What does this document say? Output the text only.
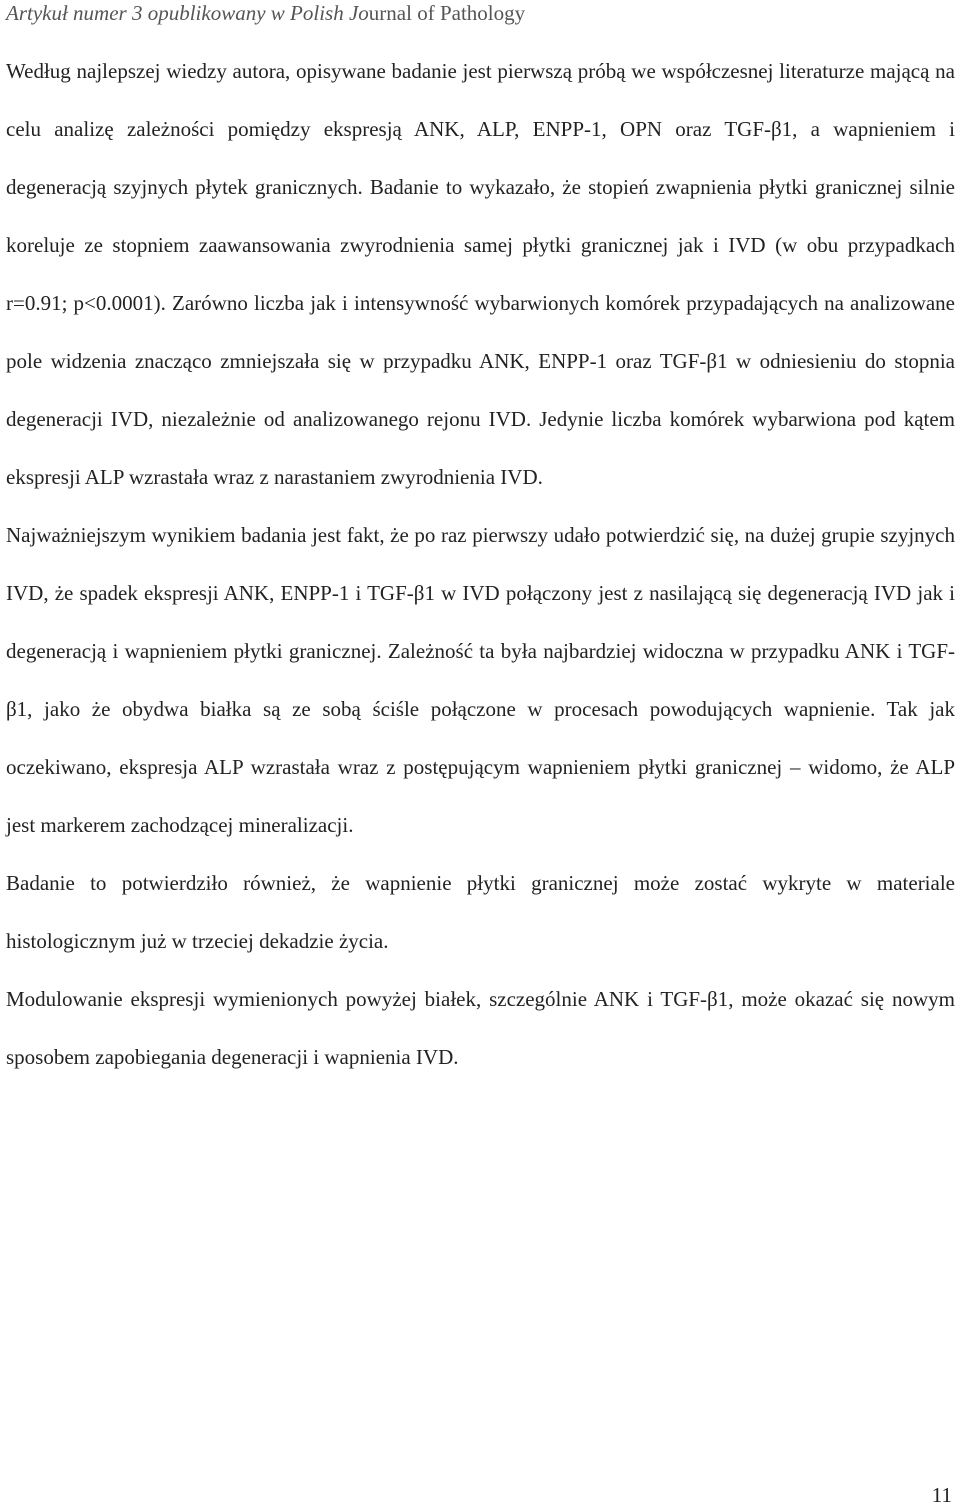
Artykuł numer 3 opublikowany w Polish Journal of Pathology

Według najlepszej wiedzy autora, opisywane badanie jest pierwszą próbą we współczesnej literaturze mającą na celu analizę zależności pomiędzy ekspresją ANK, ALP, ENPP-1, OPN oraz TGF-β1, a wapnieniem i degeneracją szyjnych płytek granicznych. Badanie to wykazało, że stopień zwapnienia płytki granicznej silnie koreluje ze stopniem zaawansowania zwyrodnienia samej płytki granicznej jak i IVD (w obu przypadkach r=0.91; p<0.0001). Zarówno liczba jak i intensywność wybarwionych komórek przypadających na analizowane pole widzenia znacząco zmniejszała się w przypadku ANK, ENPP-1 oraz TGF-β1 w odniesieniu do stopnia degeneracji IVD, niezależnie od analizowanego rejonu IVD. Jedynie liczba komórek wybarwiona pod kątem ekspresji ALP wzrastała wraz z narastaniem zwyrodnienia IVD.

Najważniejszym wynikiem badania jest fakt, że po raz pierwszy udało potwierdzić się, na dużej grupie szyjnych IVD, że spadek ekspresji ANK, ENPP-1 i TGF-β1 w IVD połączony jest z nasilającą się degeneracją IVD jak i degeneracją i wapnieniem płytki granicznej. Zależność ta była najbardziej widoczna w przypadku ANK i TGF-β1, jako że obydwa białka są ze sobą ściśle połączone w procesach powodujących wapnienie. Tak jak oczekiwano, ekspresja ALP wzrastała wraz z postępującym wapnieniem płytki granicznej – widomo, że ALP jest markerem zachodzącej mineralizacji.

Badanie to potwierdziło również, że wapnienie płytki granicznej może zostać wykryte w materiale histologicznym już w trzeciej dekadzie życia.

Modulowanie ekspresji wymienionych powyżej białek, szczególnie ANK i TGF-β1, może okazać się nowym sposobem zapobiegania degeneracji i wapnienia IVD.

11
